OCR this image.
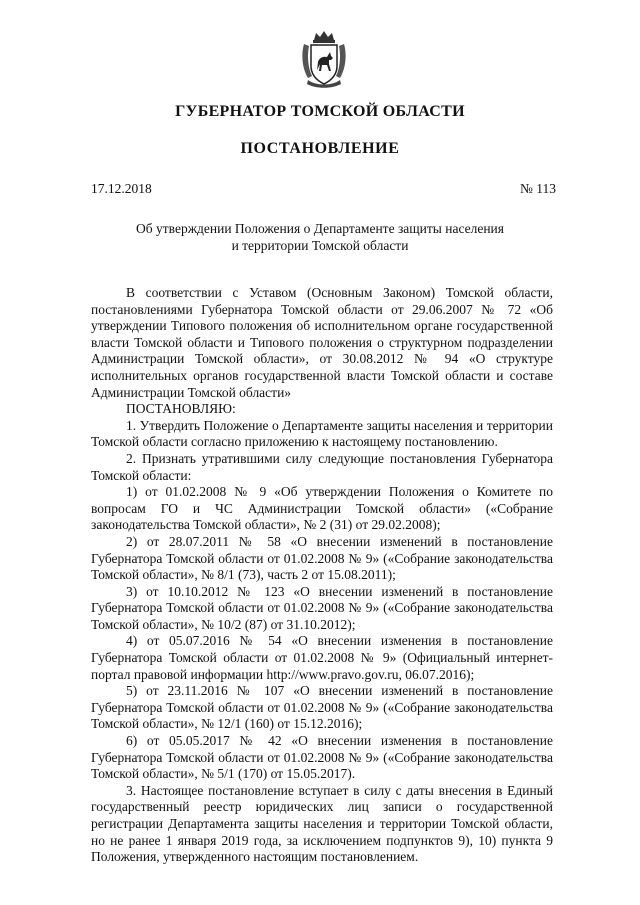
ГУБЕРНАТОР ТОМСКОЙ ОБЛАСТИ
ПОСТАНОВЛЕНИЕ
17.12.2018	№ 113
Об утверждении Положения о Департаменте защиты населения
и территории Томской области

В соответствии с Уставом (Основным Законом) Томской области, постановлениями Губернатора Томской области от 29.06.2007 № 72 «Об утверждении Типового положения об исполнительном органе государственной власти Томской области и Типового положения о структурном подразделении Администрации Томской области», от 30.08.2012 № 94 «О структуре исполнительных органов государственной власти Томской области и составе Администрации Томской области»

ПОСТАНОВЛЯЮ:

1. Утвердить Положение о Департаменте защиты населения и территории Томской области согласно приложению к настоящему постановлению.

2. Признать утратившими силу следующие постановления Губернатора Томской области:

1) от 01.02.2008 № 9 «Об утверждении Положения о Комитете по вопросам ГО и ЧС Администрации Томской области» («Собрание законодательства Томской области», № 2 (31) от 29.02.2008);

2) от 28.07.2011 № 58 «О внесении изменений в постановление Губернатора Томской области от 01.02.2008 № 9» («Собрание законодательства Томской области», № 8/1 (73), часть 2 от 15.08.2011);

3) от 10.10.2012 № 123 «О внесении изменений в постановление Губернатора Томской области от 01.02.2008 № 9» («Собрание законодательства Томской области», № 10/2 (87) от 31.10.2012);

4) от 05.07.2016 № 54 «О внесении изменения в постановление Губернатора Томской области от 01.02.2008 № 9» (Официальный интернет-портал правовой информации http://www.pravo.gov.ru, 06.07.2016);

5) от 23.11.2016 № 107 «О внесении изменений в постановление Губернатора Томской области от 01.02.2008 № 9» («Собрание законодательства Томской области», № 12/1 (160) от 15.12.2016);

6) от 05.05.2017 № 42 «О внесении изменения в постановление Губернатора Томской области от 01.02.2008 № 9» («Собрание законодательства Томской области», № 5/1 (170) от 15.05.2017).

3. Настоящее постановление вступает в силу с даты внесения в Единый государственный реестр юридических лиц записи о государственной регистрации Департамента защиты населения и территории Томской области, но не ранее 1 января 2019 года, за исключением подпунктов 9), 10) пункта 9 Положения, утвержденного настоящим постановлением.
